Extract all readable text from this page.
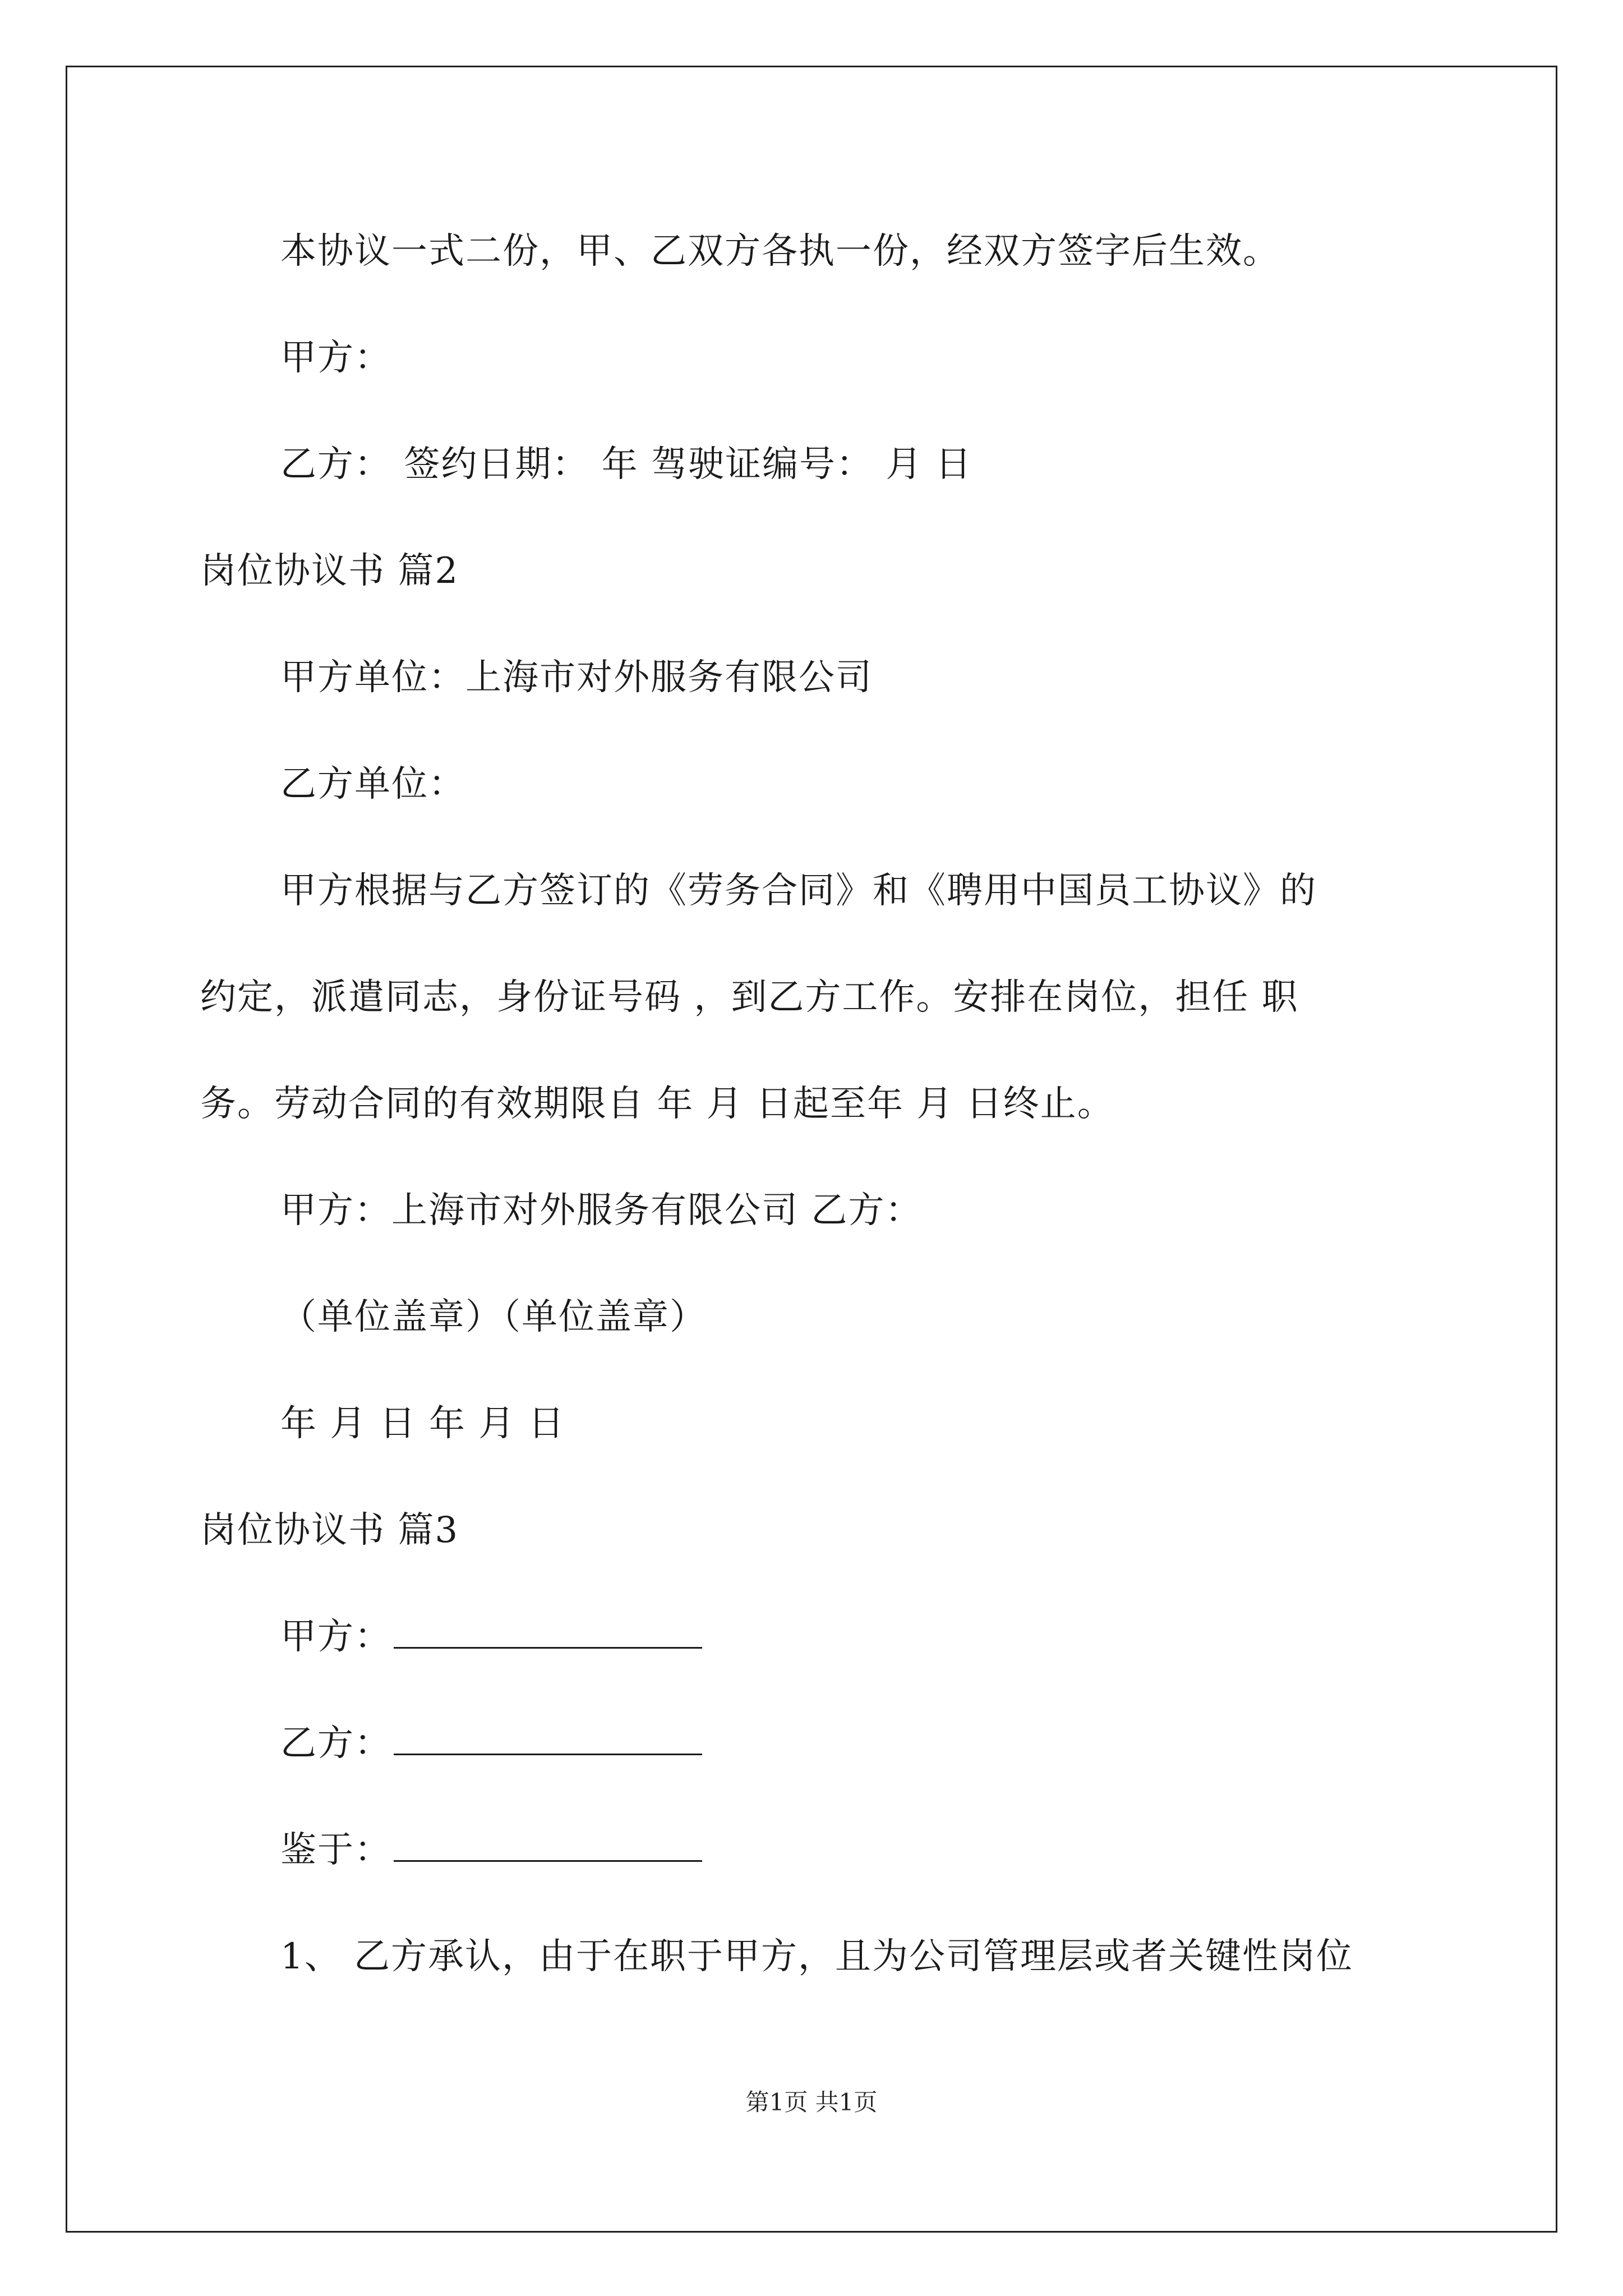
本协议一式二份，甲、乙双方各执一份，经双方签字后生效。
甲方：
乙方： 签约日期： 年 驾驶证编号： 月 日
岗位协议书 篇2
甲方单位：上海市对外服务有限公司
乙方单位：
甲方根据与乙方签订的《劳务合同》和《聘用中国员工协议》的
约定，派遣同志，身份证号码 ，到乙方工作。安排在岗位，担任 职
务。劳动合同的有效期限自 年 月 日起至年 月 日终止。
甲方：上海市对外服务有限公司 乙方：
（单位盖章）（单位盖章）
年 月 日 年 月 日
岗位协议书 篇3
甲方：
乙方：
鉴于：
1、 乙方承认，由于在职于甲方，且为公司管理层或者关键性岗位
第1页 共1页
